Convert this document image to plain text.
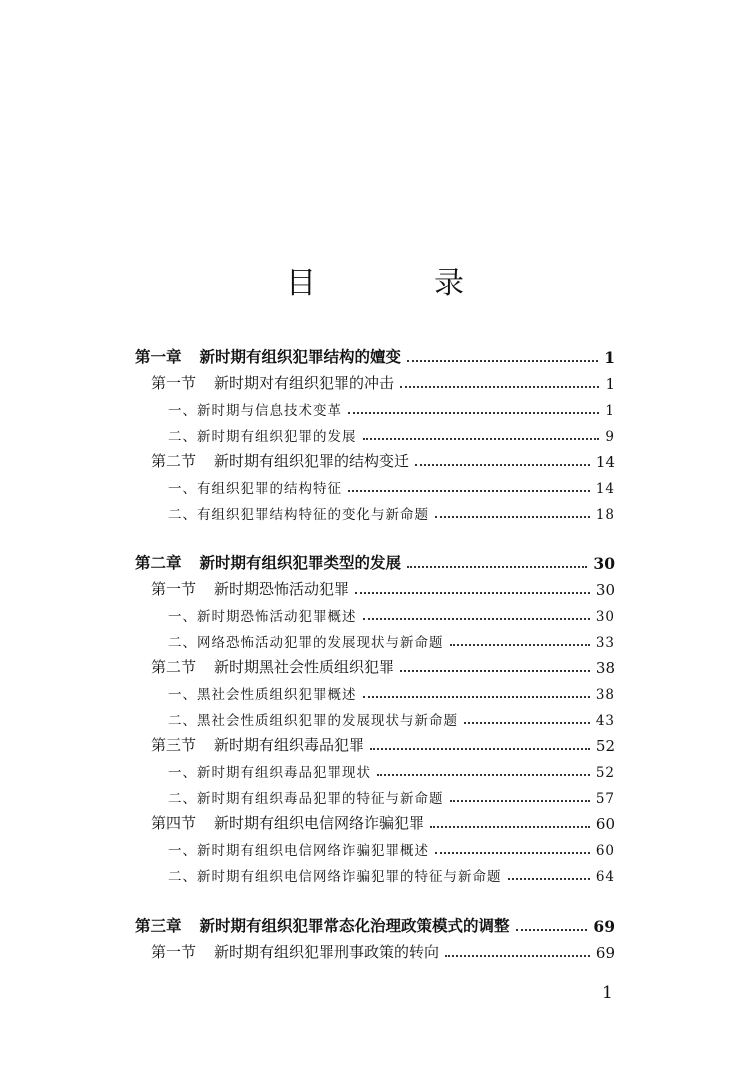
目　录
第一章 新时期有组织犯罪结构的嬗变	1
第一节 新时期对有组织犯罪的冲击	1
一、 新时期与信息技术变革	1
二、 新时期有组织犯罪的发展	9
第二节 新时期有组织犯罪的结构变迁	14
一、 有组织犯罪的结构特征	14
二、 有组织犯罪结构特征的变化与新命题	18
第二章 新时期有组织犯罪类型的发展	30
第一节 新时期恐怖活动犯罪	30
一、 新时期恐怖活动犯罪概述	30
二、 网络恐怖活动犯罪的发展现状与新命题	33
第二节 新时期黑社会性质组织犯罪	38
一、 黑社会性质组织犯罪概述	38
二、 黑社会性质组织犯罪的发展现状与新命题	43
第三节 新时期有组织毒品犯罪	52
一、 新时期有组织毒品犯罪现状	52
二、 新时期有组织毒品犯罪的特征与新命题	57
第四节 新时期有组织电信网络诈骗犯罪	60
一、 新时期有组织电信网络诈骗犯罪概述	60
二、 新时期有组织电信网络诈骗犯罪的特征与新命题	64
第三章 新时期有组织犯罪常态化治理政策模式的调整	69
第一节 新时期有组织犯罪刑事政策的转向	69
1
